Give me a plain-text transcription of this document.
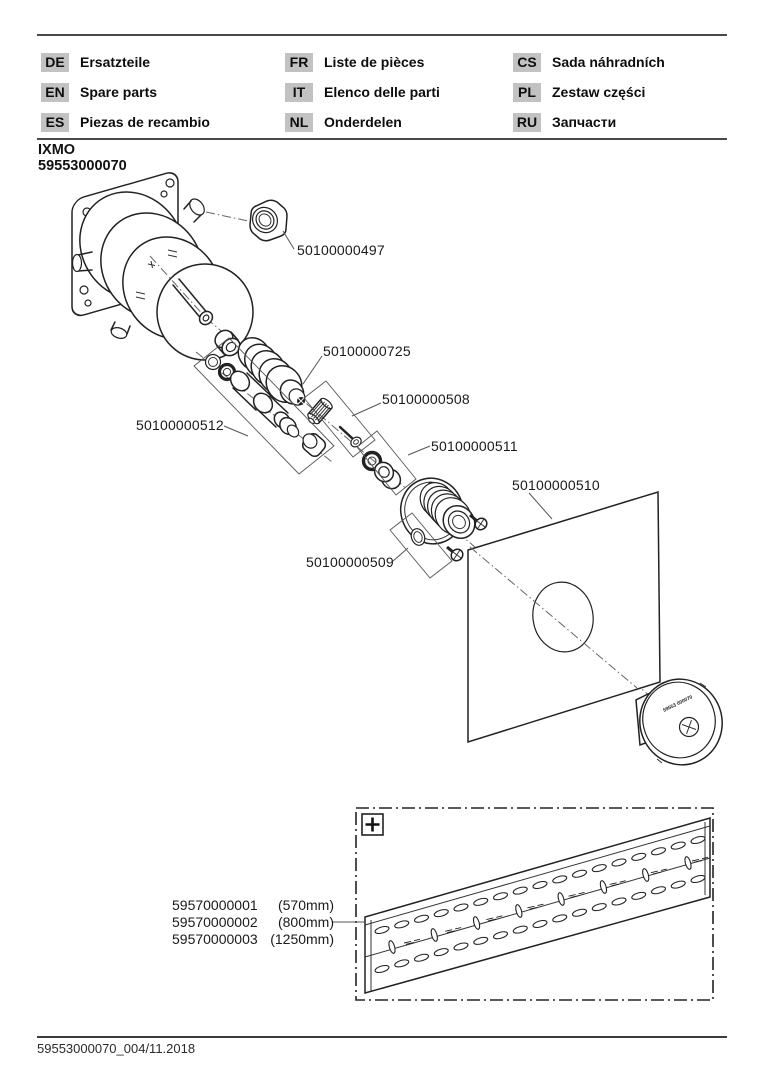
DE	Ersatzteile	FR	Liste de pièces	CS	Sada náhradních
EN	Spare parts	IT	Elenco delle parti	PL	Zestaw części
ES	Piezas de recambio	NL	Onderdelen	RU Запчасти
IXMO
59553000070
59553 000070
50100000497
50100000725
50100000508
50100000512
50100000511
50100000510
50100000509
59570000001	(570mm)
59570000002	(800mm)
59570000003 (1250mm)
59553000070_004/11.2018
